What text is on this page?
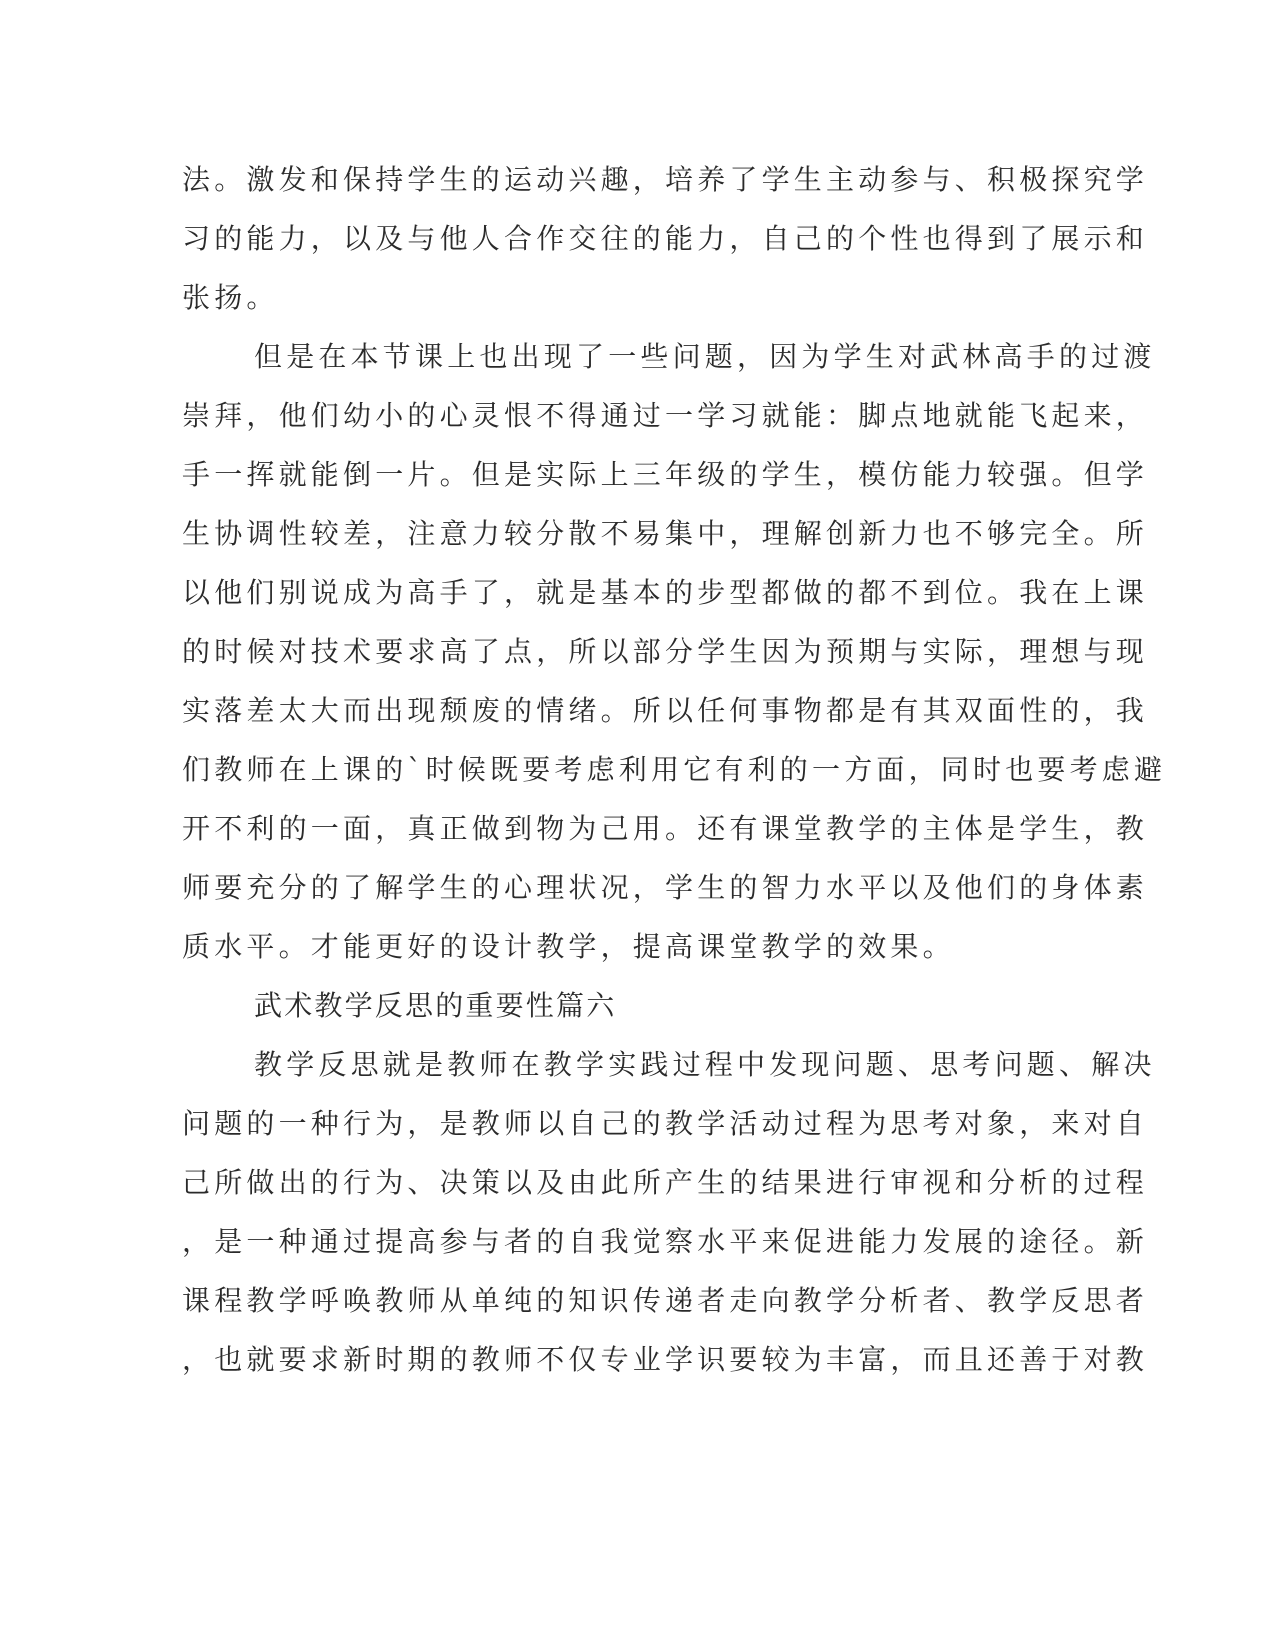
法。激发和保持学生的运动兴趣，培养了学生主动参与、积极探究学
习的能力，以及与他人合作交往的能力，自己的个性也得到了展示和
张扬。
但是在本节课上也出现了一些问题，因为学生对武林高手的过渡
崇拜，他们幼小的心灵恨不得通过一学习就能：脚点地就能飞起来，
手一挥就能倒一片。但是实际上三年级的学生，模仿能力较强。但学
生协调性较差，注意力较分散不易集中，理解创新力也不够完全。所
以他们别说成为高手了，就是基本的步型都做的都不到位。我在上课
的时候对技术要求高了点，所以部分学生因为预期与实际，理想与现
实落差太大而出现颓废的情绪。所以任何事物都是有其双面性的，我
们教师在上课的`时候既要考虑利用它有利的一方面，同时也要考虑避
开不利的一面，真正做到物为己用。还有课堂教学的主体是学生，教
师要充分的了解学生的心理状况，学生的智力水平以及他们的身体素
质水平。才能更好的设计教学，提高课堂教学的效果。
武术教学反思的重要性篇六
教学反思就是教师在教学实践过程中发现问题、思考问题、解决
问题的一种行为，是教师以自己的教学活动过程为思考对象，来对自
己所做出的行为、决策以及由此所产生的结果进行审视和分析的过程
，是一种通过提高参与者的自我觉察水平来促进能力发展的途径。新
课程教学呼唤教师从单纯的知识传递者走向教学分析者、教学反思者
，也就要求新时期的教师不仅专业学识要较为丰富，而且还善于对教
